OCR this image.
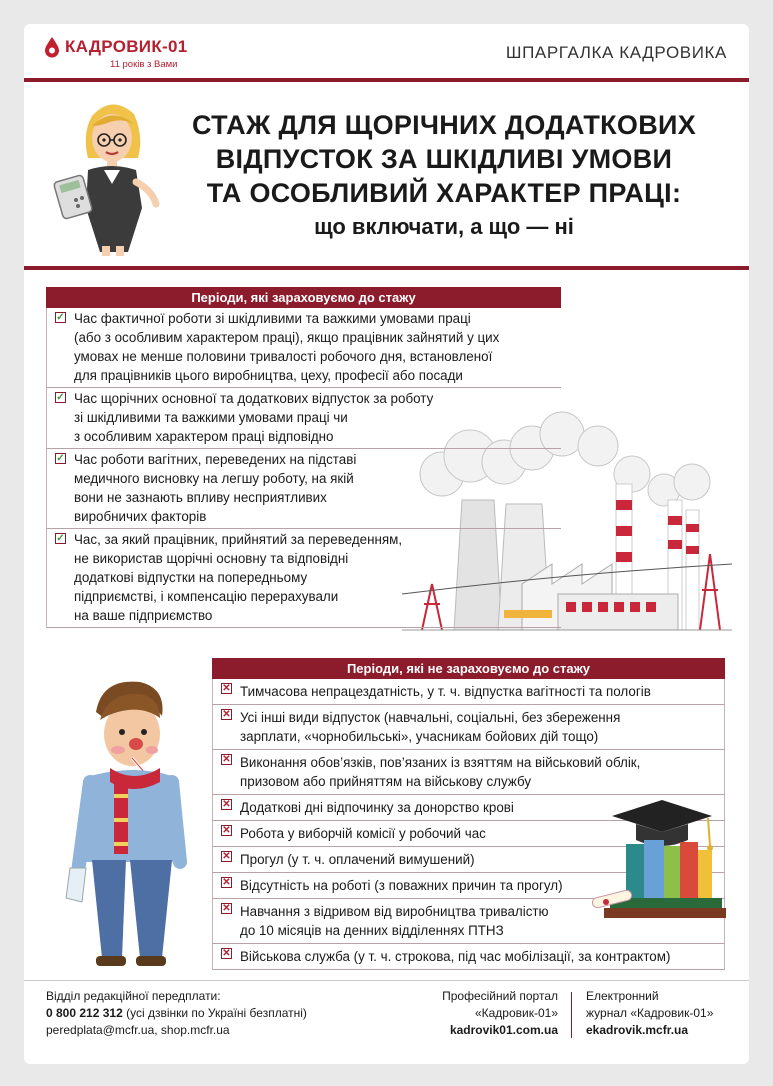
КАДРОВИК-01
11 років з Вами
ШПАРГАЛКА КАДРОВИКА
СТАЖ ДЛЯ ЩОРІЧНИХ ДОДАТКОВИХ
ВІДПУСТОК ЗА ШКІДЛИВІ УМОВИ
ТА ОСОБЛИВИЙ ХАРАКТЕР ПРАЦІ:
що включати, а що — ні
Періоди, які зараховуємо до стажу
✓ Час фактичної роботи зі шкідливими та важкими умовами праці
(або з особливим характером праці), якщо працівник зайнятий у цих
умовах не менше половини тривалості робочого дня, встановленої
для працівників цього виробництва, цеху, професії або посади
✓ Час щорічних основної та додаткових відпусток за роботу
зі шкідливими та важкими умовами праці чи
з особливим характером праці відповідно
✓ Час роботи вагітних, переведених на підставі
медичного висновку на легшу роботу, на якій
вони не зазнають впливу несприятливих
виробничих факторів
✓ Час, за який працівник, прийнятий за переведенням,
не використав щорічні основну та відповідні
додаткові відпустки на попередньому
підприємстві, і компенсацію перерахували
на ваше підприємство
Періоди, які не зараховуємо до стажу
✕ Тимчасова непрацездатність, у т. ч. відпустка вагітності та пологів
✕ Усі інші види відпусток (навчальні, соціальні, без збереження
зарплати, «чорнобильські», учасникам бойових дій тощо)
✕ Виконання обов’язків, пов’язаних із взяттям на військовий облік,
призовом або прийняттям на військову службу
✕ Додаткові дні відпочинку за донорство крові
✕ Робота у виборчій комісії у робочий час
✕ Прогул (у т. ч. оплачений вимушений)
✕ Відсутність на роботі (з поважних причин та прогул)
✕ Навчання з відривом від виробництва тривалістю
до 10 місяців на денних відділеннях ПТНЗ
✕ Військова служба (у т. ч. строкова, під час мобілізації, за контрактом)
Відділ редакційної передплати:
0 800 212 312 (усі дзвінки по Україні безплатні)
peredplata@mcfr.ua, shop.mcfr.ua
Професійний портал
«Кадровик-01»
kadrovik01.com.ua
Електронний
журнал «Кадровик-01»
ekadrovik.mcfr.ua
